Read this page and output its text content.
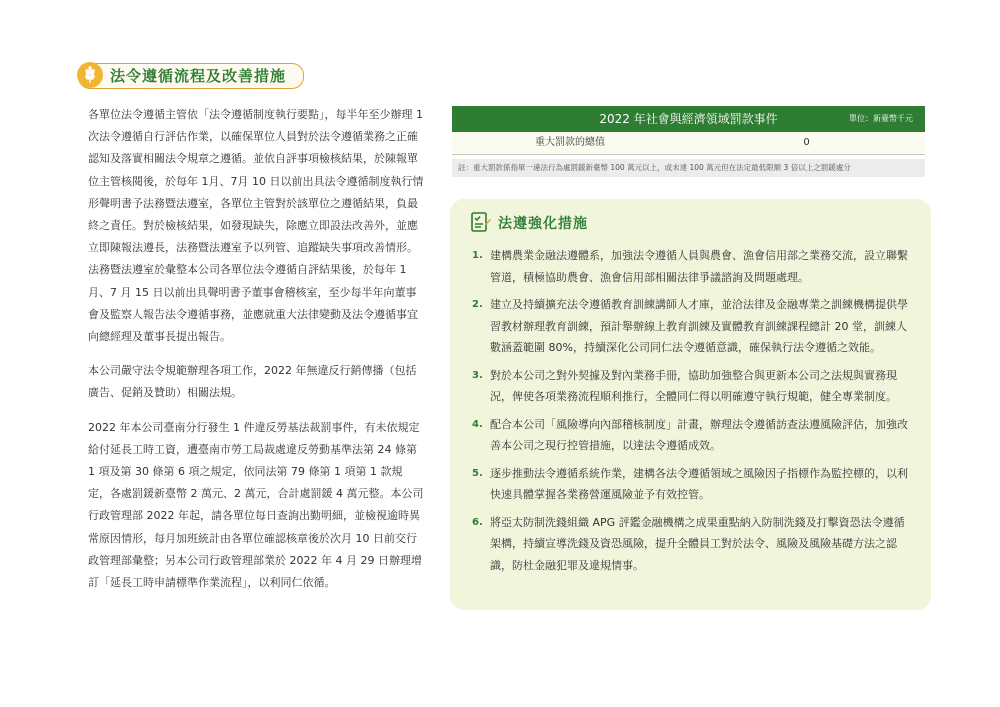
法令遵循流程及改善措施

各單位法令遵循主管依「法令遵循制度執行要點」，每半年至少辦理 1 次法令遵循自行評估作業，以確保單位人員對於法令遵循業務之正確認知及落實相關法令規章之遵循。並依自評事項檢核結果，於陳報單位主管核閱後，於每年 1月、7月 10 日以前出具法令遵循制度執行情形聲明書予法務暨法遵室，各單位主管對於該單位之遵循結果，負最終之責任。對於檢核結果，如發現缺失，除應立即設法改善外，並應立即陳報法遵長，法務暨法遵室予以列管、追蹤缺失事項改善情形。法務暨法遵室於彙整本公司各單位法令遵循自評結果後，於每年 1 月、7 月 15 日以前出具聲明書予董事會稽核室，至少每半年向董事會及監察人報告法令遵循事務，並應就重大法律變動及法令遵循事宜向總經理及董事長提出報告。

本公司嚴守法令規範辦理各項工作，2022 年無違反行銷傳播（包括廣告、促銷及贊助）相關法規。

2022 年本公司臺南分行發生 1 件違反勞基法裁罰事件，有未依規定給付延長工時工資，遭臺南市勞工局裁處違反勞動基準法第 24 條第 1 項及第 30 條第 6 項之規定，依同法第 79 條第 1 項第 1 款規定，各處罰鍰新臺幣 2 萬元、2 萬元，合計處罰鍰 4 萬元整。本公司行政管理部 2022 年起，請各單位每日查詢出勤明細，並檢視逾時異常原因情形，每月加班統計由各單位確認核章後於次月 10 日前交行政管理部彙整；另本公司行政管理部業於 2022 年 4 月 29 日辦理增訂「延長工時申請標準作業流程」，以利同仁依循。

2022 年社會與經濟領域罰款事件	單位：新臺幣千元
重大罰款的總值	0
註：重大罰款係指單一違法行為處罰鍰新臺幣 100 萬元以上，或未達 100 萬元但在法定最低限額 3 倍以上之罰鍰處分
法遵強化措施
1. 建構農業金融法遵體系，加強法令遵循人員與農會、漁會信用部之業務交流，設立聯繫管道，積極協助農會、漁會信用部相關法律爭議諮詢及問題處理。
2. 建立及持續擴充法令遵循教育訓練講師人才庫，並洽法律及金融專業之訓練機構提供學習教材辦理教育訓練，預計舉辦線上教育訓練及實體教育訓練課程總計 20 堂，訓練人數涵蓋範圍 80%，持續深化公司同仁法令遵循意識，確保執行法令遵循之效能。
3. 對於本公司之對外契據及對內業務手冊，協助加強整合與更新本公司之法規與實務現況，俾使各項業務流程順利推行，全體同仁得以明確遵守執行規範，健全專業制度。
4. 配合本公司「風險導向內部稽核制度」計畫，辦理法令遵循訪查法遵風險評估，加強改善本公司之現行控管措施，以達法令遵循成效。
5. 逐步推動法令遵循系統作業，建構各法令遵循領域之風險因子指標作為監控標的，以利快速具體掌握各業務營運風險並予有效控管。
6. 將亞太防制洗錢組織 APG 評鑑金融機構之成果重點納入防制洗錢及打擊資恐法令遵循架構，持續宣導洗錢及資恐風險，提升全體員工對於法令、風險及風險基礎方法之認識，防杜金融犯罪及違規情事。
